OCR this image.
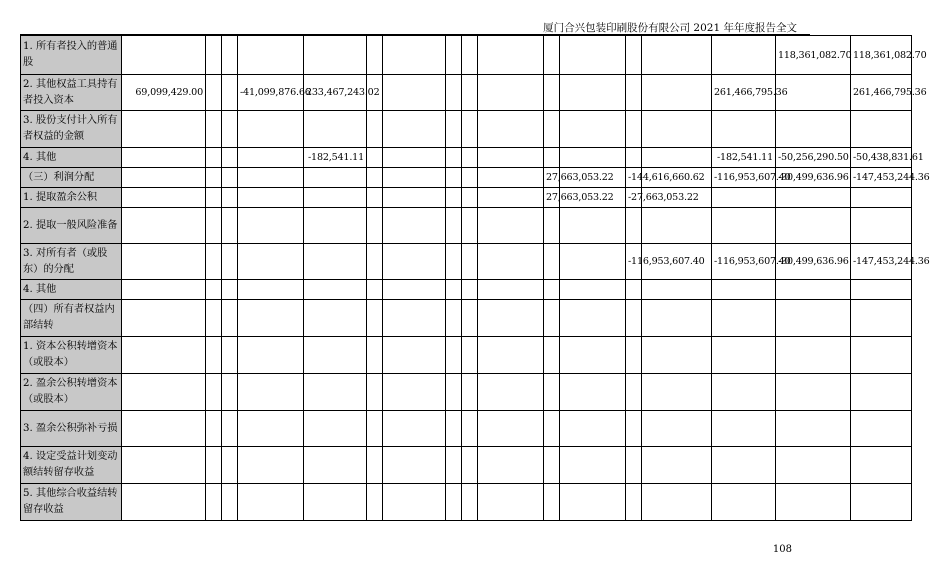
厦门合兴包装印刷股份有限公司 2021 年年度报告全文
1. 所有者投入的普通股																118,361,082.70	118,361,082.70
2. 其他权益工具持有者投入资本	69,099,429.00			-41,099,876.66	233,467,243.02										261,466,795.36		261,466,795.36
3. 股份支付计入所有者权益的金额																	
4. 其他					-182,541.11										-182,541.11	-50,256,290.50	-50,438,831.61
（三）利润分配											27,663,053.22		-144,616,660.62		-116,953,607.40	-30,499,636.96	-147,453,244.36
1. 提取盈余公积											27,663,053.22		-27,663,053.22				
2. 提取一般风险准备																	
3. 对所有者（或股东）的分配													-116,953,607.40		-116,953,607.40	-30,499,636.96	-147,453,244.36
4. 其他																	
（四）所有者权益内部结转																	
1. 资本公积转增资本（或股本）																	
2. 盈余公积转增资本（或股本）																	
3. 盈余公积弥补亏损																	
4. 设定受益计划变动额结转留存收益																	
5. 其他综合收益结转留存收益																	
108
